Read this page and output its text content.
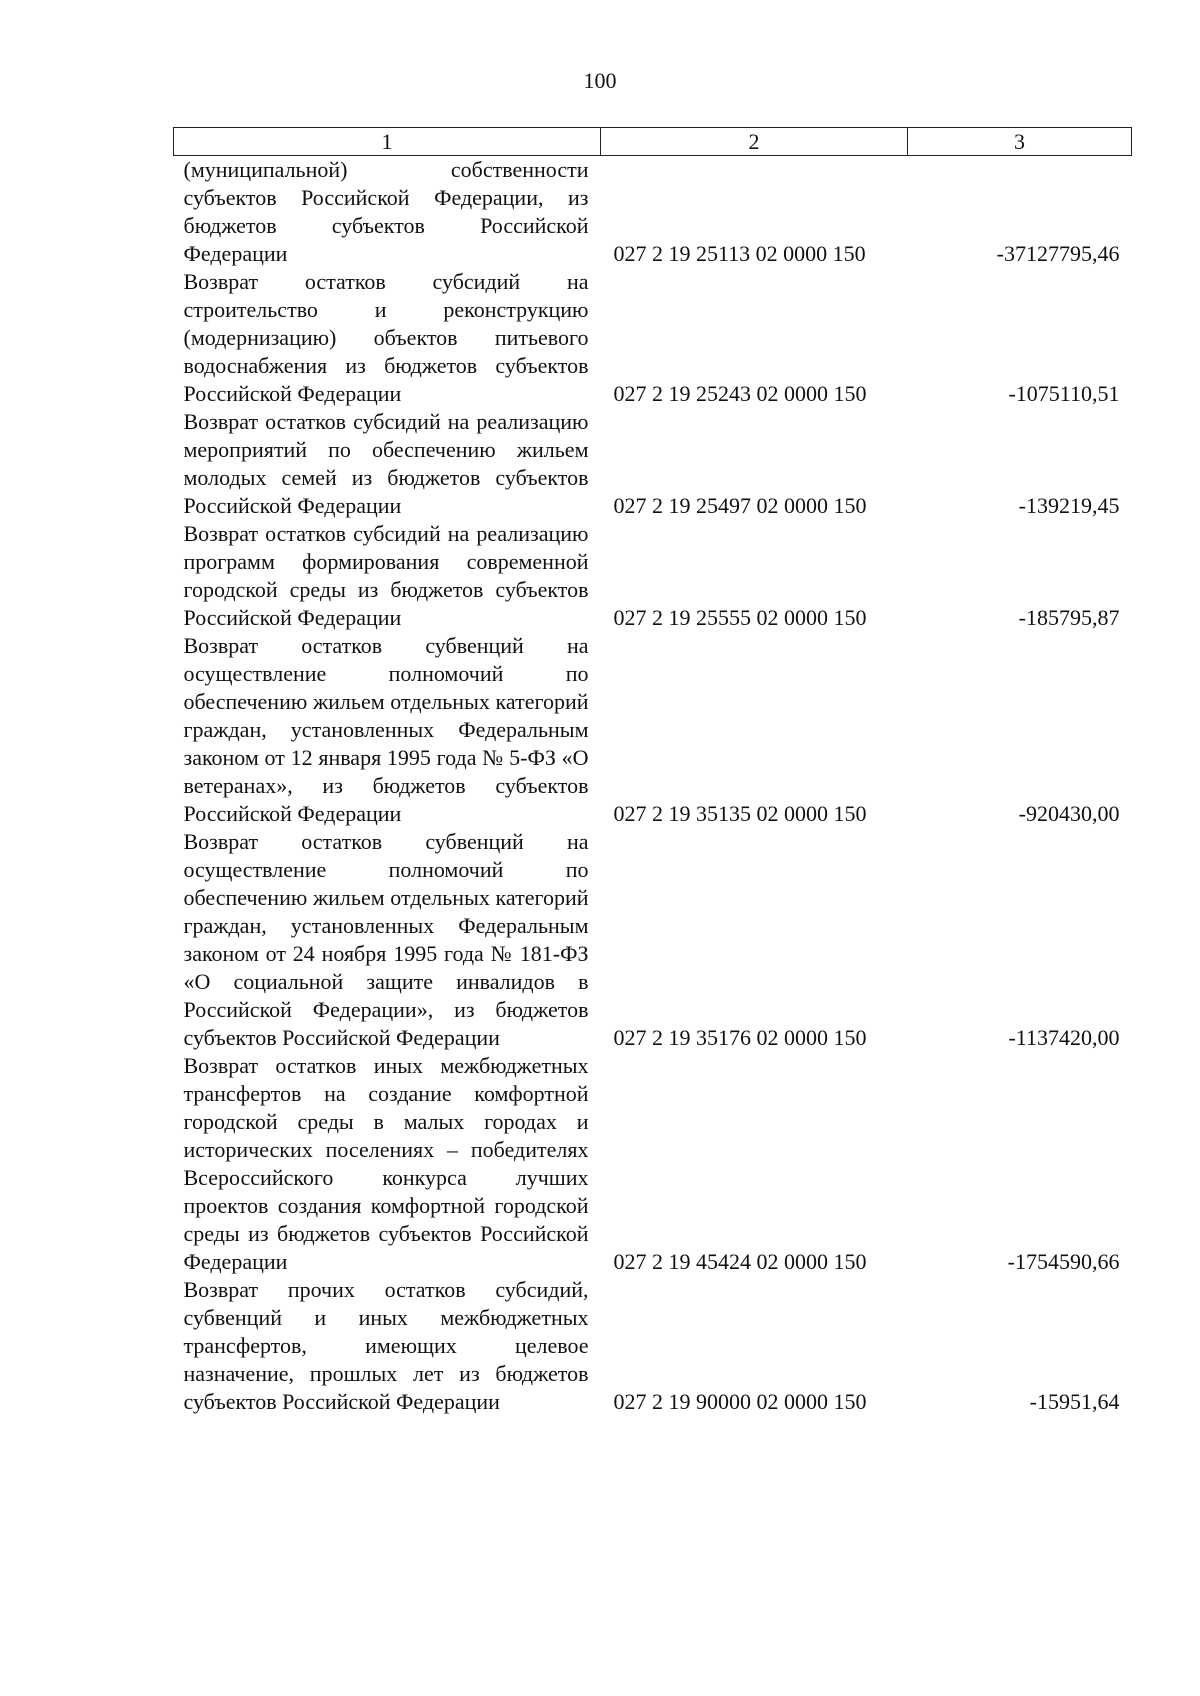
100
1	2	3
(муниципальной) собственности субъектов Российской Федерации, из бюджетов субъектов Российской Федерации	027 2 19 25113 02 0000 150	-37127795,46
Возврат остатков субсидий на строительство и реконструкцию (модернизацию) объектов питьевого водоснабжения из бюджетов субъектов Российской Федерации	027 2 19 25243 02 0000 150	-1075110,51
Возврат остатков субсидий на реализацию мероприятий по обеспечению жильем молодых семей из бюджетов субъектов Российской Федерации	027 2 19 25497 02 0000 150	-139219,45
Возврат остатков субсидий на реализацию программ формирования современной городской среды из бюджетов субъектов Российской Федерации	027 2 19 25555 02 0000 150	-185795,87
Возврат остатков субвенций на осуществление полномочий по обеспечению жильем отдельных категорий граждан, установленных Федеральным законом от 12 января 1995 года № 5-ФЗ «О ветеранах», из бюджетов субъектов Российской Федерации	027 2 19 35135 02 0000 150	-920430,00
Возврат остатков субвенций на осуществление полномочий по обеспечению жильем отдельных категорий граждан, установленных Федеральным законом от 24 ноября 1995 года № 181-ФЗ «О социальной защите инвалидов в Российской Федерации», из бюджетов субъектов Российской Федерации	027 2 19 35176 02 0000 150	-1137420,00
Возврат остатков иных межбюджетных трансфертов на создание комфортной городской среды в малых городах и исторических поселениях – победителях Всероссийского конкурса лучших проектов создания комфортной городской среды из бюджетов субъектов Российской Федерации	027 2 19 45424 02 0000 150	-1754590,66
Возврат прочих остатков субсидий, субвенций и иных межбюджетных трансфертов, имеющих целевое назначение, прошлых лет из бюджетов субъектов Российской Федерации	027 2 19 90000 02 0000 150	-15951,64
